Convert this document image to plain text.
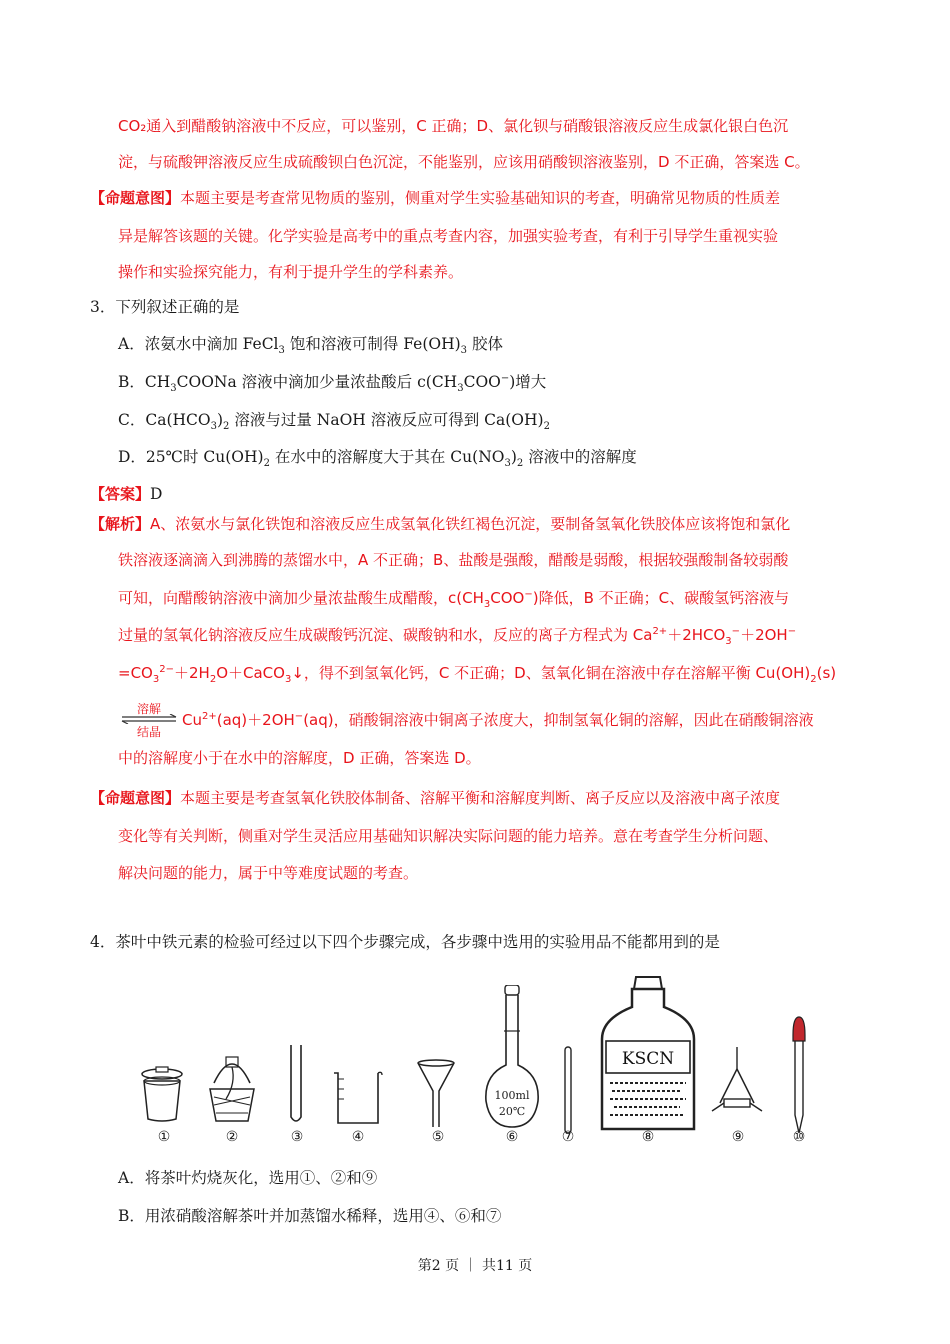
CO₂通入到醋酸钠溶液中不反应，可以鉴别，C 正确；D、氯化钡与硝酸银溶液反应生成氯化银白色沉
淀，与硫酸钾溶液反应生成硫酸钡白色沉淀，不能鉴别，应该用硝酸钡溶液鉴别，D 不正确，答案选 C。
【命题意图】本题主要是考查常见物质的鉴别，侧重对学生实验基础知识的考查，明确常见物质的性质差
异是解答该题的关键。化学实验是高考中的重点考查内容，加强实验考查，有利于引导学生重视实验
操作和实验探究能力，有利于提升学生的学科素养。
3．下列叙述正确的是
A．浓氨水中滴加 FeCl$_3$ 饱和溶液可制得 $Fe(OH)_3$ 胶体
B．$CH_3COONa$ 溶液中滴加少量浓盐酸后 $c(CH_3COO^-)$增大
C．$Ca(HCO_3)_2$ 溶液与过量 NaOH 溶液反应可得到 $Ca(OH)_2$
D．25℃时 $Cu(OH)_2$ 在水中的溶解度大于其在 $Cu(NO_3)_2$ 溶液中的溶解度
【答案】D
【解析】A、浓氨水与氯化铁饱和溶液反应生成氢氧化铁红褐色沉淀，要制备氢氧化铁胶体应该将饱和氯化
铁溶液逐滴滴入到沸腾的蒸馏水中，A 不正确；B、盐酸是强酸，醋酸是弱酸，根据较强酸制备较弱酸
可知，向醋酸钠溶液中滴加少量浓盐酸生成醋酸，$c(CH_3COO^-)$降低，B 不正确；C、碳酸氢钙溶液与
过量的氢氧化钠溶液反应生成碳酸钙沉淀、碳酸钠和水，反应的离子方程式为 $Ca^{2+}+2HCO_3^-+2OH^-$
$=CO_3^{2-}+2H_2O+CaCO_3↓$，得不到氢氧化钙，C 不正确；D、氢氧化铜在溶液中存在溶解平衡 $Cu(OH)_2(s)$
溶解
结晶
$Cu^{2+}(aq)+2OH^-(aq)$，硝酸铜溶液中铜离子浓度大，抑制氢氧化铜的溶解，因此在硝酸铜溶液
中的溶解度小于在水中的溶解度，D 正确，答案选 D。
【命题意图】本题主要是考查氢氧化铁胶体制备、溶解平衡和溶解度判断、离子反应以及溶液中离子浓度
变化等有关判断，侧重对学生灵活应用基础知识解决实际问题的能力培养。意在考查学生分析问题、
解决问题的能力，属于中等难度试题的考查。
4．茶叶中铁元素的检验可经过以下四个步骤完成，各步骤中选用的实验用品不能都用到的是
100ml
20℃
KSCN
①	②	③	④	⑤	⑥	⑦	⑧	⑨	⑩
A．将茶叶灼烧灰化，选用①、②和⑨
B．用浓硝酸溶解茶叶并加蒸馏水稀释，选用④、⑥和⑦
第2 页 ｜ 共11 页
